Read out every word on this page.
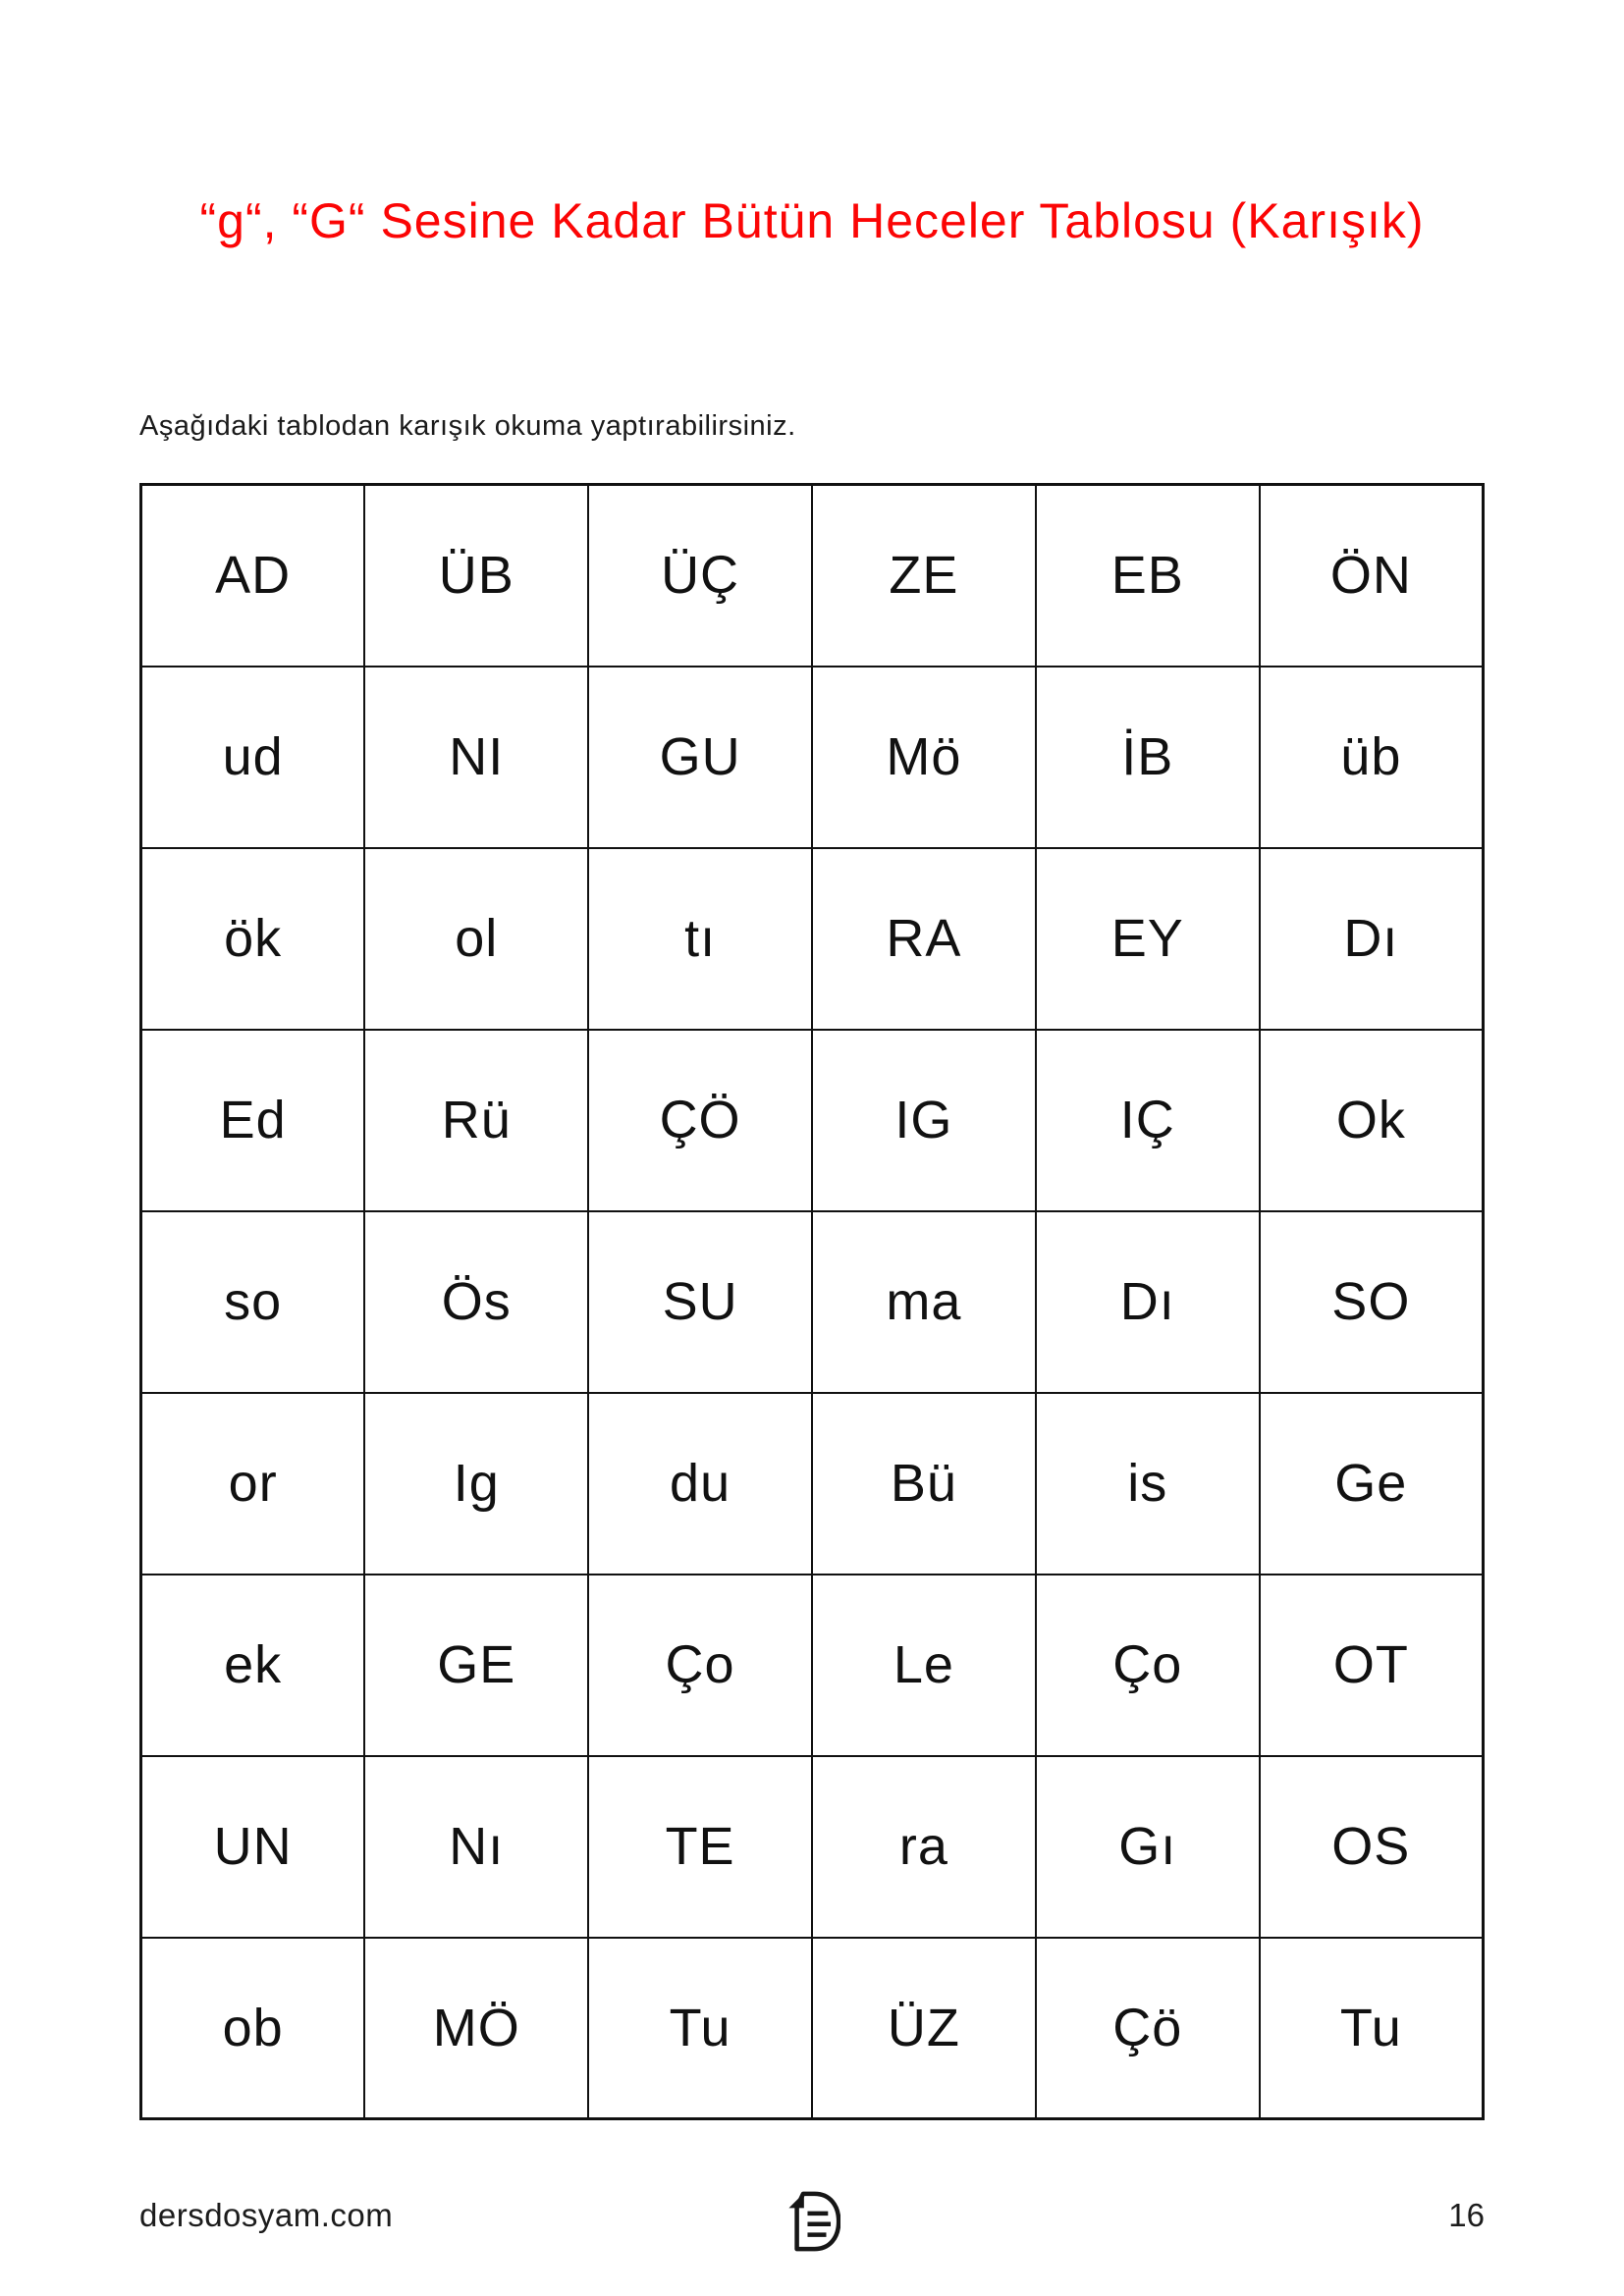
“g“, “G“ Sesine Kadar Bütün Heceler Tablosu (Karışık)
Aşağıdaki tablodan karışık okuma yaptırabilirsiniz.
AD	ÜB	ÜÇ	ZE	EB	ÖN
ud	NI	GU	Mö	İB	üb
ök	ol	tı	RA	EY	Dı
Ed	Rü	ÇÖ	IG	IÇ	Ok
so	Ös	SU	ma	Dı	SO
or	Ig	du	Bü	is	Ge
ek	GE	Ço	Le	Ço	OT
UN	Nı	TE	ra	Gı	OS
ob	MÖ	Tu	ÜZ	Çö	Tu
dersdosyam.com	16
